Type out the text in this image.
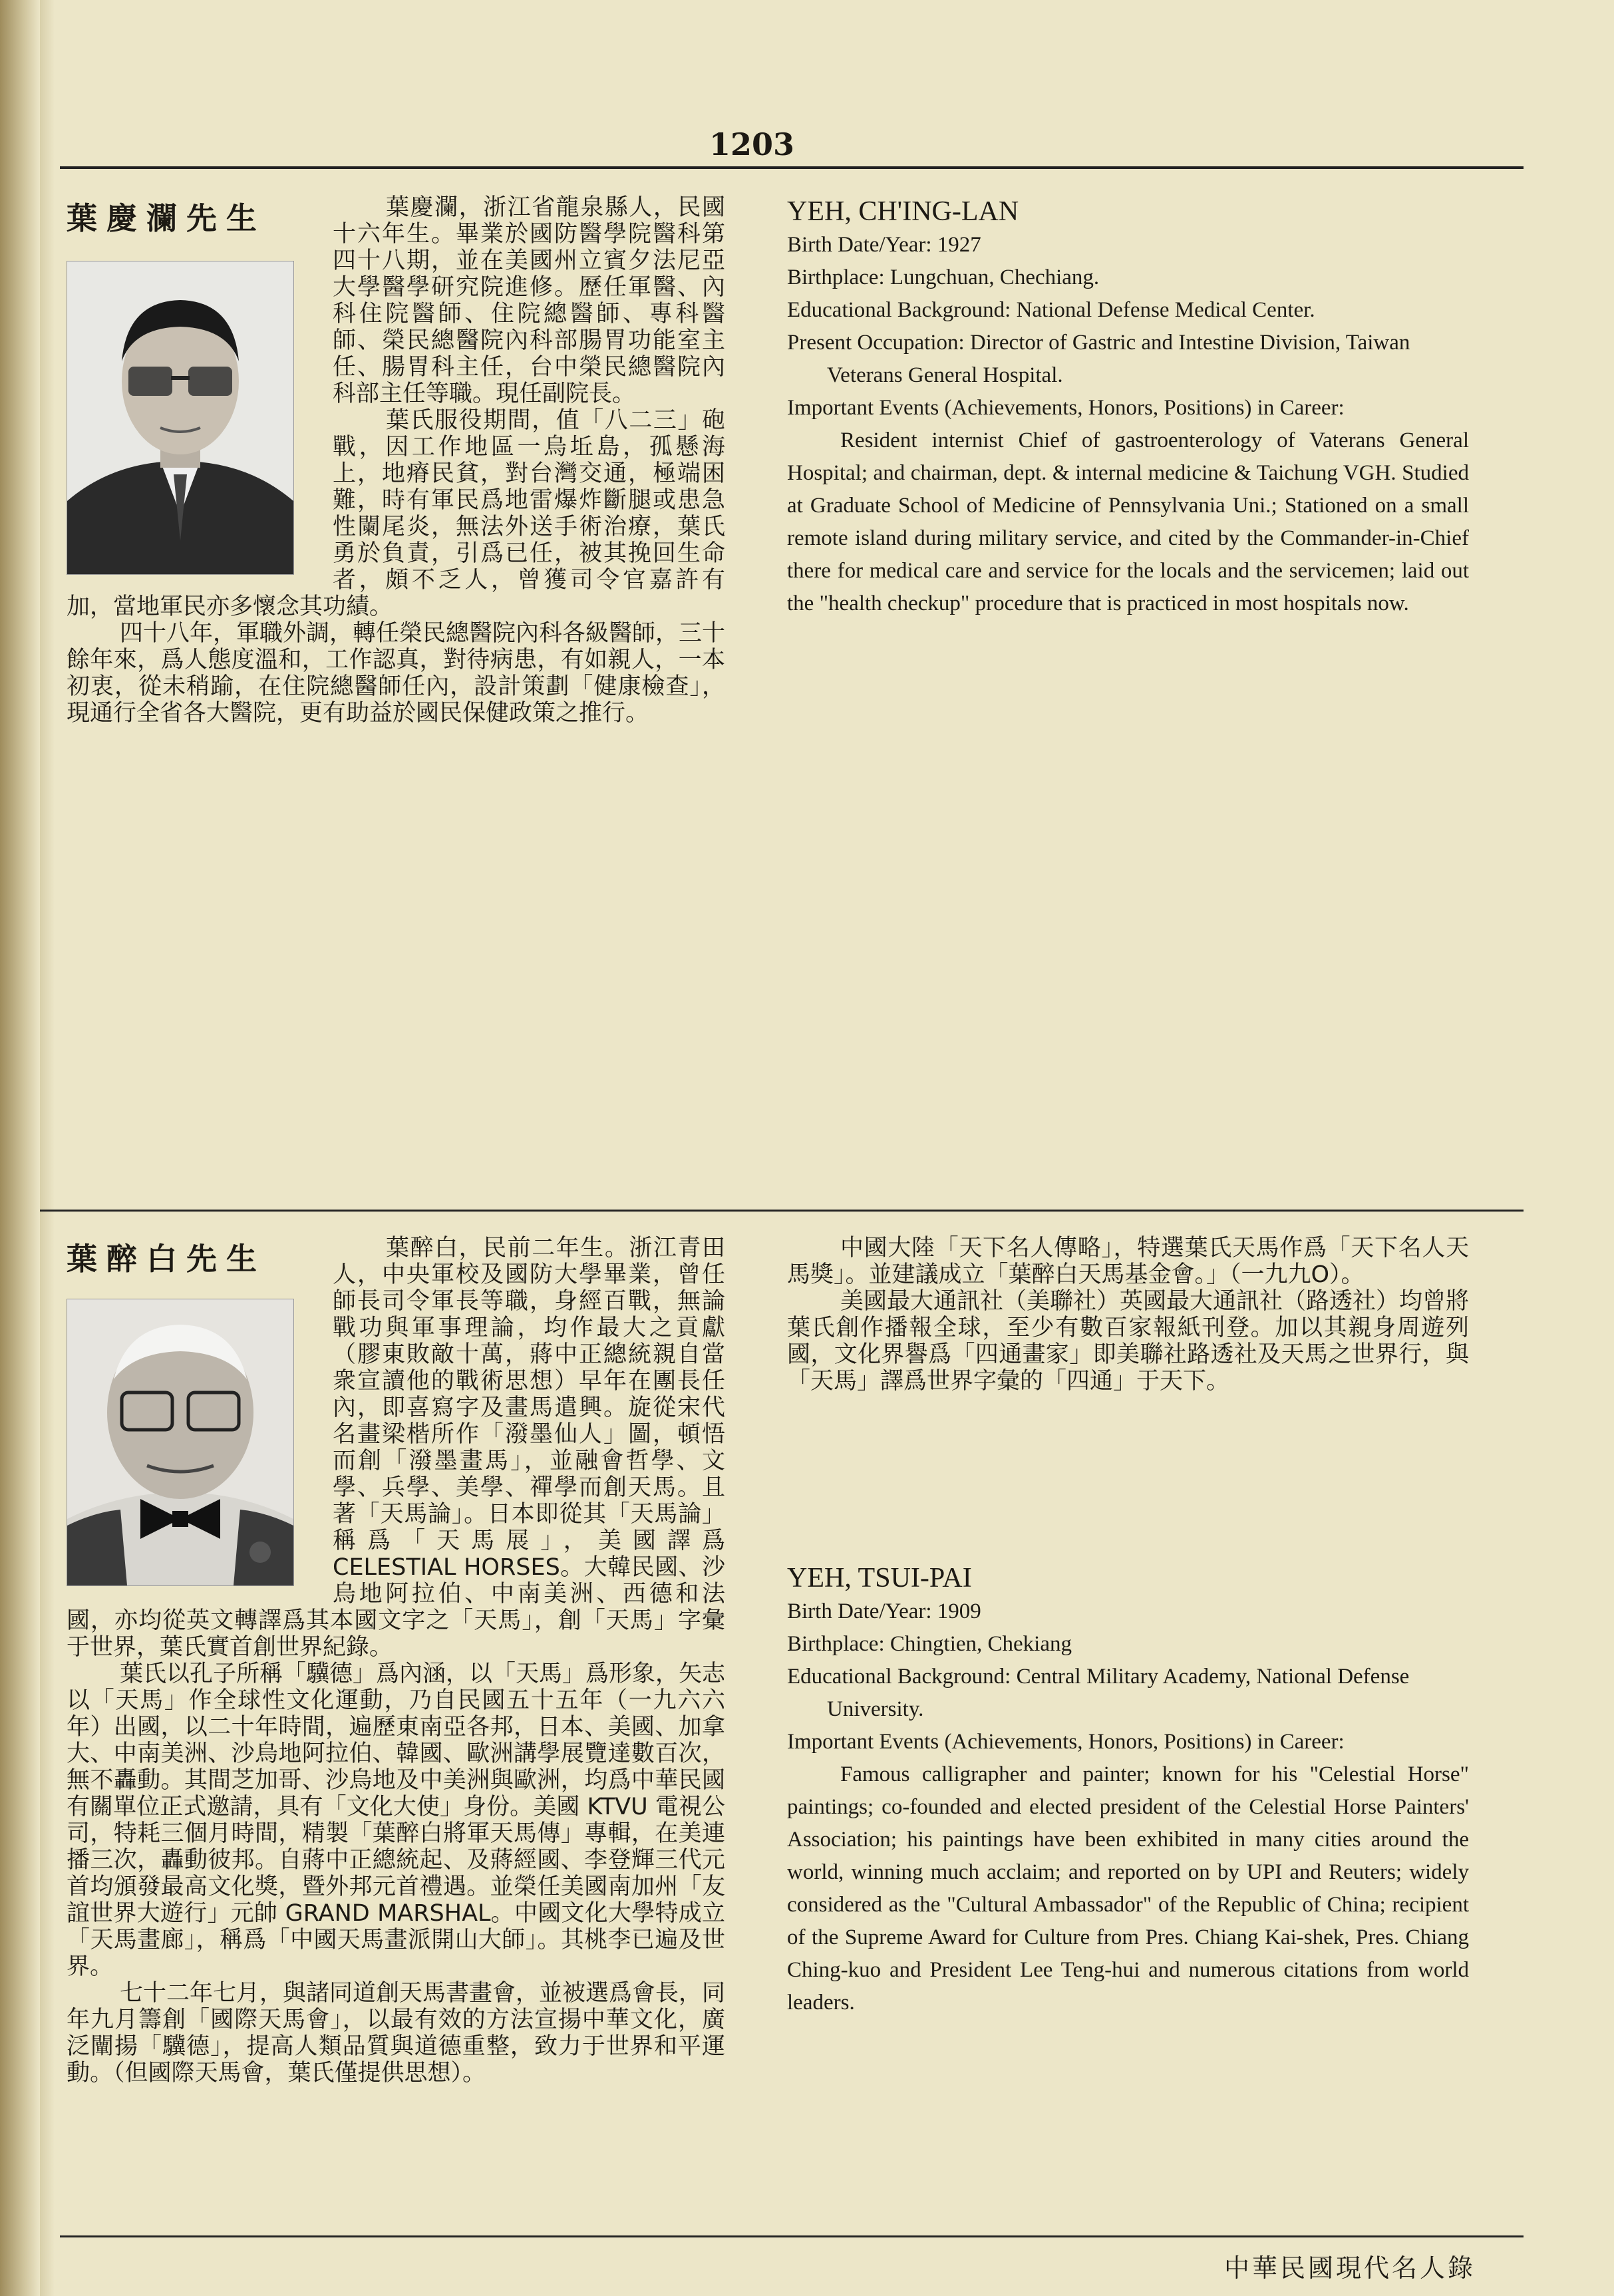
1203
葉慶瀾先生	葉慶瀾，浙江省龍泉縣人，民國十六年生。畢業於國防醫學院醫科第四十八期，並在美國州立賓夕法尼亞大學醫學研究院進修。歷任軍醫、內科住院醫師、住院總醫師、專科醫師、榮民總醫院內科部腸胃功能室主任、腸胃科主任，台中榮民總醫院內科部主任等職。現任副院長。

葉氏服役期間，值「八二三」砲戰，因工作地區一烏坵島，孤懸海上，地瘠民貧，對台灣交通，極端困難，時有軍民爲地雷爆炸斷腿或患急性闌尾炎，無法外送手術治療，葉氏勇於負責，引爲已任，被其挽回生命者，頗不乏人，曾獲司令官嘉許有加，當地軍民亦多懷念其功績。

四十八年，軍職外調，轉任榮民總醫院內科各級醫師，三十餘年來，爲人態度溫和，工作認真，對待病患，有如親人，一本初衷，從未稍踰，在住院總醫師任內，設計策劃「健康檢查」，現通行全省各大醫院，更有助益於國民保健政策之推行。

YEH, CH'ING-LAN

Birth Date/Year: 1927

Birthplace: Lungchuan, Chechiang.

Educational Background: National Defense Medical Center.

Present Occupation: Director of Gastric and Intestine Division, Taiwan Veterans General Hospital.

Important Events (Achievements, Honors, Positions) in Career:

Resident internist Chief of gastroenterology of Vaterans General Hospital; and chairman, dept. & internal medicine & Taichung VGH. Studied at Graduate School of Medicine of Pennsylvania Uni.; Stationed on a small remote island during military service, and cited by the Commander-in-Chief there for medical care and service for the locals and the servicemen; laid out the "health checkup" procedure that is practiced in most hospitals now.

葉醉白先生	葉醉白，民前二年生。浙江青田人，中央軍校及國防大學畢業，曾任師長司令軍長等職，身經百戰，無論戰功與軍事理論，均作最大之貢獻（膠東敗敵十萬，蔣中正總統親自當衆宣讀他的戰術思想）早年在團長任內，即喜寫字及畫馬遣興。旋從宋代名畫梁楷所作「潑墨仙人」圖，頓悟而創「潑墨畫馬」，並融會哲學、文學、兵學、美學、禪學而創天馬。且著「天馬論」。日本即從其「天馬論」稱爲「天馬展」，美國譯爲 CELESTIAL HORSES。大韓民國、沙烏地阿拉伯、中南美洲、西德和法國，亦均從英文轉譯爲其本國文字之「天馬」，創「天馬」字彙于世界，葉氏實首創世界紀錄。

葉氏以孔子所稱「驥德」爲內涵，以「天馬」爲形象，矢志以「天馬」作全球性文化運動，乃自民國五十五年（一九六六年）出國，以二十年時間，遍歷東南亞各邦，日本、美國、加拿大、中南美洲、沙烏地阿拉伯、韓國、歐洲講學展覽達數百次，無不轟動。其間芝加哥、沙烏地及中美洲與歐洲，均爲中華民國有關單位正式邀請，具有「文化大使」身份。美國 KTVU 電視公司，特耗三個月時間，精製「葉醉白將軍天馬傳」專輯，在美連播三次，轟動彼邦。自蔣中正總統起、及蔣經國、李登輝三代元首均頒發最高文化獎，暨外邦元首禮遇。並榮任美國南加州「友誼世界大遊行」元帥 GRAND MARSHAL。中國文化大學特成立「天馬畫廊」，稱爲「中國天馬畫派開山大師」。其桃李已遍及世界。

七十二年七月，與諸同道創天馬書畫會，並被選爲會長，同年九月籌創「國際天馬會」，以最有效的方法宣揚中華文化，廣泛闡揚「驥德」，提高人類品質與道德重整，致力于世界和平運動。（但國際天馬會，葉氏僅提供思想）。

中國大陸「天下名人傳略」，特選葉氏天馬作爲「天下名人天馬獎」。並建議成立「葉醉白天馬基金會。」（一九九O）。

美國最大通訊社（美聯社）英國最大通訊社（路透社）均曾將葉氏創作播報全球，至少有數百家報紙刊登。加以其親身周遊列國，文化界譽爲「四通畫家」即美聯社路透社及天馬之世界行，與「天馬」譯爲世界字彙的「四通」于天下。

YEH, TSUI-PAI

Birth Date/Year: 1909

Birthplace: Chingtien, Chekiang

Educational Background: Central Military Academy, National Defense University.

Important Events (Achievements, Honors, Positions) in Career:

Famous calligrapher and painter; known for his "Celestial Horse" paintings; co-founded and elected president of the Celestial Horse Painters' Association; his paintings have been exhibited in many cities around the world, winning much acclaim; and reported on by UPI and Reuters; widely considered as the "Cultural Ambassador" of the Republic of China; recipient of the Supreme Award for Culture from Pres. Chiang Kai-shek, Pres. Chiang Ching-kuo and President Lee Teng-hui and numerous citations from world leaders.

中華民國現代名人錄
